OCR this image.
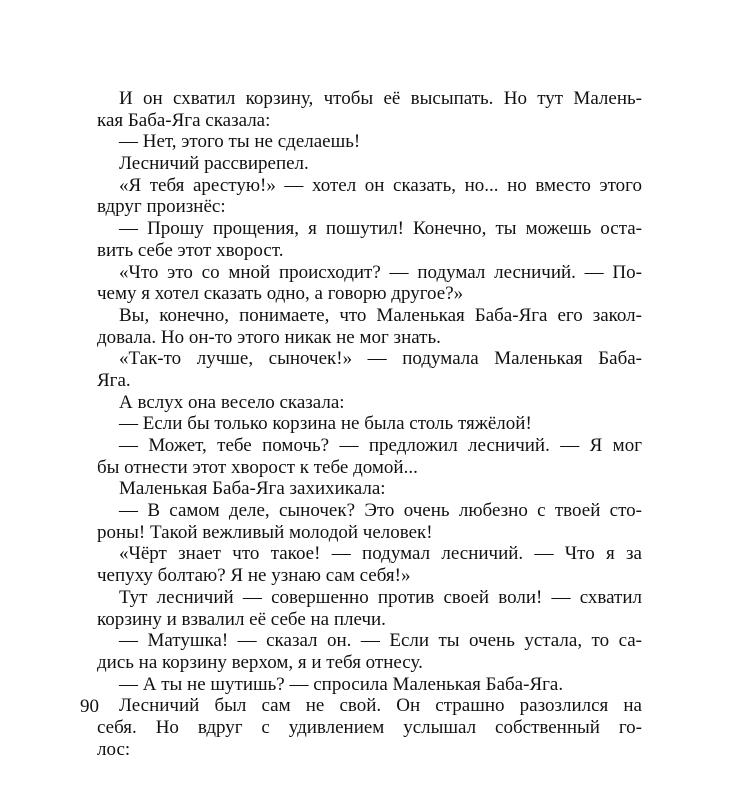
И он схватил корзину, чтобы её высыпать. Но тут Малень-
кая Баба-Яга сказала:
— Нет, этого ты не сделаешь!
Лесничий рассвирепел.
«Я тебя арестую!» — хотел он сказать, но... но вместо этого
вдруг произнёс:
— Прошу прощения, я пошутил! Конечно, ты можешь оста-
вить себе этот хворост.
«Что это со мной происходит? — подумал лесничий. — По-
чему я хотел сказать одно, а говорю другое?»
Вы, конечно, понимаете, что Маленькая Баба-Яга его закол-
довала. Но он-то этого никак не мог знать.
«Так-то лучше, сыночек!» — подумала Маленькая Баба-
Яга.
А вслух она весело сказала:
— Если бы только корзина не была столь тяжёлой!
— Может, тебе помочь? — предложил лесничий. — Я мог
бы отнести этот хворост к тебе домой...
Маленькая Баба-Яга захихикала:
— В самом деле, сыночек? Это очень любезно с твоей сто-
роны! Такой вежливый молодой человек!
«Чёрт знает что такое! — подумал лесничий. — Что я за
чепуху болтаю? Я не узнаю сам себя!»
Тут лесничий — совершенно против своей воли! — схватил
корзину и взвалил её себе на плечи.
— Матушка! — сказал он. — Если ты очень устала, то са-
дись на корзину верхом, я и тебя отнесу.
— А ты не шутишь? — спросила Маленькая Баба-Яга.
Лесничий был сам не свой. Он страшно разозлился на
себя. Но вдруг с удивлением услышал собственный го-
лос:
90
